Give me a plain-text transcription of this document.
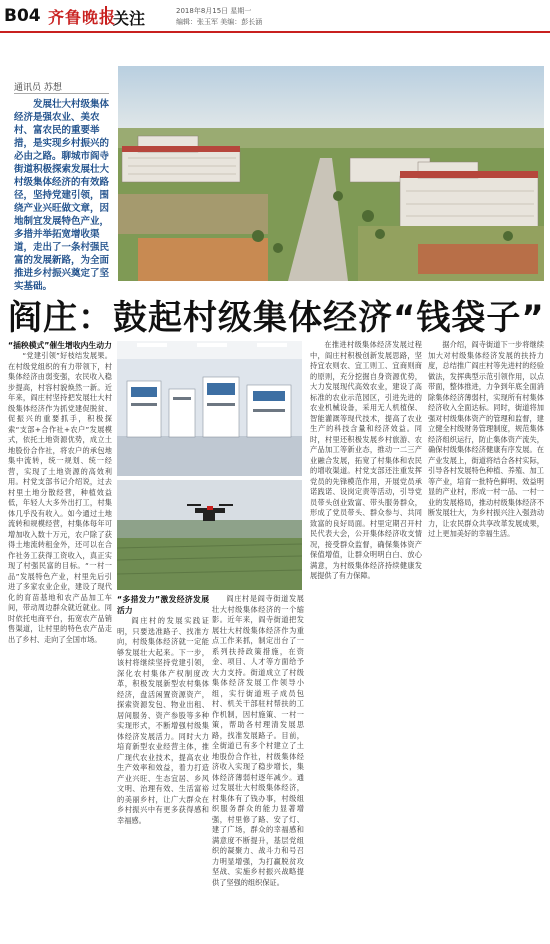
B04 齐鲁晚报
关注	2018年8月15日 星期一
编辑：张玉军 美编：彭长涵
通讯员 苏想
发展壮大村级集体经济是强农业、美农村、富农民的重要举措，是实现乡村振兴的必由之路。聊城市阎寺街道积极探索发展壮大村级集体经济的有效路径，坚持党建引领，围绕产业兴旺做文章，因地制宜发展特色产业，多措并举拓宽增收渠道，走出了一条村强民富的发展新路，为全面推进乡村振兴奠定了坚实基础。
阎庄：鼓起村级集体经济“钱袋子”
“插秧模式”催生增收内生动力

“党建引领”好枝结发展果。在村级党组织的有力带领下，村集体经济由弱变强，农民收入稳步提高，村容村貌焕然一新。近年来，阎庄村坚持把发展壮大村级集体经济作为抓党建促脱贫、促振兴的重要抓手，积极探索“支部+合作社+农户”发展模式，依托土地资源优势，成立土地股份合作社，将农户的承包地集中流转，统一规划、统一经营，实现了土地资源的高效利用。村党支部书记介绍说，过去村里土地分散经营，种植效益低，年轻人大多外出打工，村集体几乎没有收入。如今通过土地流转和规模经营，村集体每年可增加收入数十万元，农户除了获得土地流转租金外，还可以在合作社务工获得工资收入，真正实现了村强民富的目标。“一村一品”发展特色产业，村里先后引进了多家农业企业，建设了现代化的育苗基地和农产品加工车间，带动周边群众就近就业。同时依托电商平台，拓宽农产品销售渠道，让村里的特色农产品走出了乡村、走向了全国市场。

“多措发力”激发经济发展活力

阎庄村的发展实践证明，只要选准路子、找准方向，村级集体经济就一定能够发展壮大起来。下一步，该村将继续坚持党建引领，深化农村集体产权制度改革，积极发展新型农村集体经济，盘活闲置资源资产，探索资源发包、物业出租、居间服务、资产参股等多种实现形式，不断增强村级集体经济发展活力。同时大力培育新型农业经营主体，推广现代农业技术，提高农业生产效率和效益，着力打造产业兴旺、生态宜居、乡风文明、治理有效、生活富裕的美丽乡村，让广大群众在乡村振兴中有更多获得感和幸福感。

阎庄村是阎寺街道发展壮大村级集体经济的一个缩影。近年来，阎寺街道把发展壮大村级集体经济作为重点工作来抓，制定出台了一系列扶持政策措施，在资金、项目、人才等方面给予大力支持。街道成立了村级集体经济发展工作领导小组，实行街道班子成员包村、机关干部驻村帮扶的工作机制，因村施策、一村一策，帮助各村理清发展思路，找准发展路子。目前，全街道已有多个村建立了土地股份合作社，村级集体经济收入实现了稳步增长，集体经济薄弱村逐年减少。通过发展壮大村级集体经济，村集体有了钱办事，村级组织服务群众的能力显著增强，村里修了路、安了灯、建了广场，群众的幸福感和满意度不断提升，基层党组织的凝聚力、战斗力和号召力明显增强，为打赢脱贫攻坚战、实施乡村振兴战略提供了坚强的组织保证。

在推进村级集体经济发展过程中，阎庄村积极创新发展思路，坚持宜农则农、宜工则工、宜商则商的原则，充分挖掘自身资源优势，大力发展现代高效农业，建设了高标准的农业示范园区，引进先进的农业机械设备，采用无人机植保、智能灌溉等现代技术，提高了农业生产的科技含量和经济效益。同时，村里还积极发展乡村旅游、农产品加工等新业态，推动一二三产业融合发展，拓宽了村集体和农民的增收渠道。村党支部还注重发挥党员的先锋模范作用，开展党员承诺践诺、设岗定责等活动，引导党员带头创业致富、带头服务群众，形成了党员带头、群众参与、共同致富的良好局面。村里定期召开村民代表大会，公开集体经济收支情况，接受群众监督，确保集体资产保值增值，让群众明明白白、放心满意，为村级集体经济持续健康发展提供了有力保障。

据介绍，阎寺街道下一步将继续加大对村级集体经济发展的扶持力度，总结推广阎庄村等先进村的经验做法，发挥典型示范引领作用，以点带面，整体推进，力争到年底全面消除集体经济薄弱村，实现所有村集体经济收入全面达标。同时，街道将加强对村级集体资产的管理和监督，建立健全村级财务管理制度，规范集体经济组织运行，防止集体资产流失，确保村级集体经济健康有序发展。在产业发展上，街道将结合各村实际，引导各村发展特色种植、养殖、加工等产业，培育一批特色鲜明、效益明显的产业村，形成一村一品、一村一业的发展格局，推动村级集体经济不断发展壮大，为乡村振兴注入强劲动力，让农民群众共享改革发展成果，过上更加美好的幸福生活。
